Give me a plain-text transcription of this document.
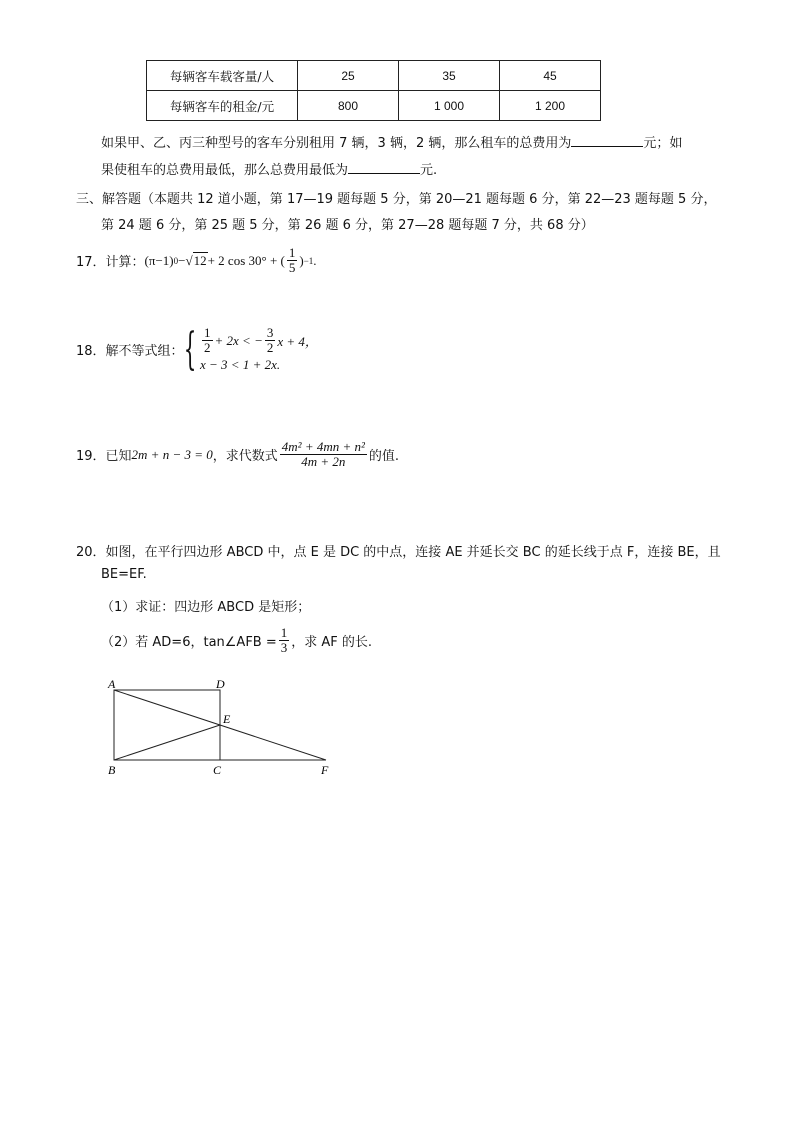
每辆客车载客量/人	25	35	45
每辆客车的租金/元	800	1 000	1 200
如果甲、乙、丙三种型号的客车分别租用 7 辆，3 辆，2 辆，那么租车的总费用为	元；如
果使租车的总费用最低，那么总费用最低为	元.
三、解答题（本题共 12 道小题，第 17—19 题每题 5 分，第 20—21 题每题 6 分，第 22—23 题每题 5 分，
第 24 题 6 分，第 25 题 5 分，第 26 题 6 分，第 27—28 题每题 7 分，共 68 分）
17．计算： (π−1) 0 − √ 12 + 2 cos 30° + ( $\frac{1}{5}$ ) −1 .
18．解不等式组： { $\frac{1}{2} + 2x$ < − $\frac{3}{2}$ x + 4，
x − 3 < 1 + 2x.
19．已知 2m + n − 3 = 0 ，求代数式 $\frac{\text{4m² + 4mn + n²}}{4m + 2n}$ 的值.
20．如图，在平行四边形 ABCD 中，点 E 是 DC 的中点，连接 AE 并延长交 BC 的延长线于点 F，连接 BE，且
BE=EF.
（1）求证：四边形 ABCD 是矩形；
（2）若 AD=6，tan∠AFB = $\frac{1}{3}$ ，求 AF 的长.
A	D
E
B	C	F
